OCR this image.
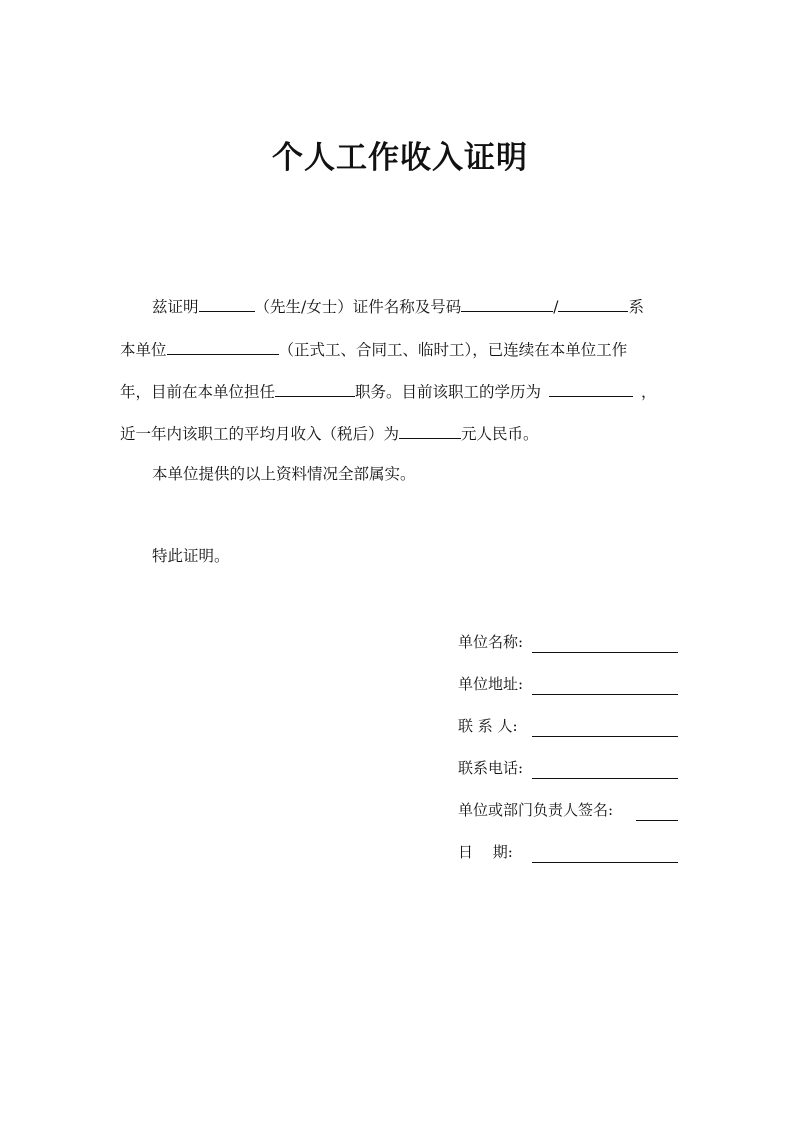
个人工作收入证明
兹证明	（先生/女士）证件名称及号码	/	系
本单位	（正式工、合同工、临时工），已连续在本单位工作
年，目前在本单位担任	职务。目前该职工的学历为	，
近一年内该职工的平均月收入（税后）为	元人民币。
本单位提供的以上资料情况全部属实。
特此证明。
单位名称:
单位地址:
联 系 人:
联系电话:
单位或部门负责人签名:
日　 期:
